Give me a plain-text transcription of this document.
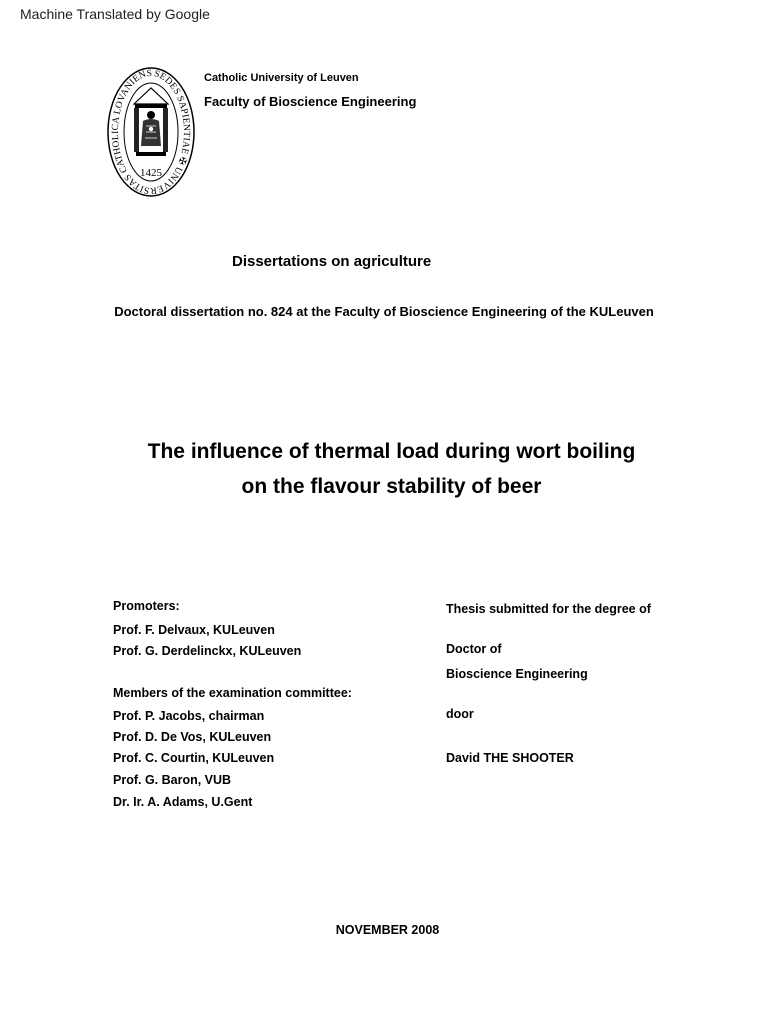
Machine Translated by Google
SEDES SAPIENTIAE ✠ UNIVERSITAS CATHOLICA LOVANIENS
1425
Catholic University of Leuven
Faculty of Bioscience Engineering
Dissertations on agriculture
Doctoral dissertation no. 824 at the Faculty of Bioscience Engineering of the KULeuven
The influence of thermal load during wort boiling
on the flavour stability of beer
Promoters:
Prof. F. Delvaux, KULeuven
Prof. G. Derdelinckx, KULeuven
Members of the examination committee:
Prof. P. Jacobs, chairman
Prof. D. De Vos, KULeuven
Prof. C. Courtin, KULeuven
Prof. G. Baron, VUB
Dr. Ir. A. Adams, U.Gent
Thesis submitted for the degree of
Doctor of
Bioscience Engineering
door
David THE SHOOTER
NOVEMBER 2008
